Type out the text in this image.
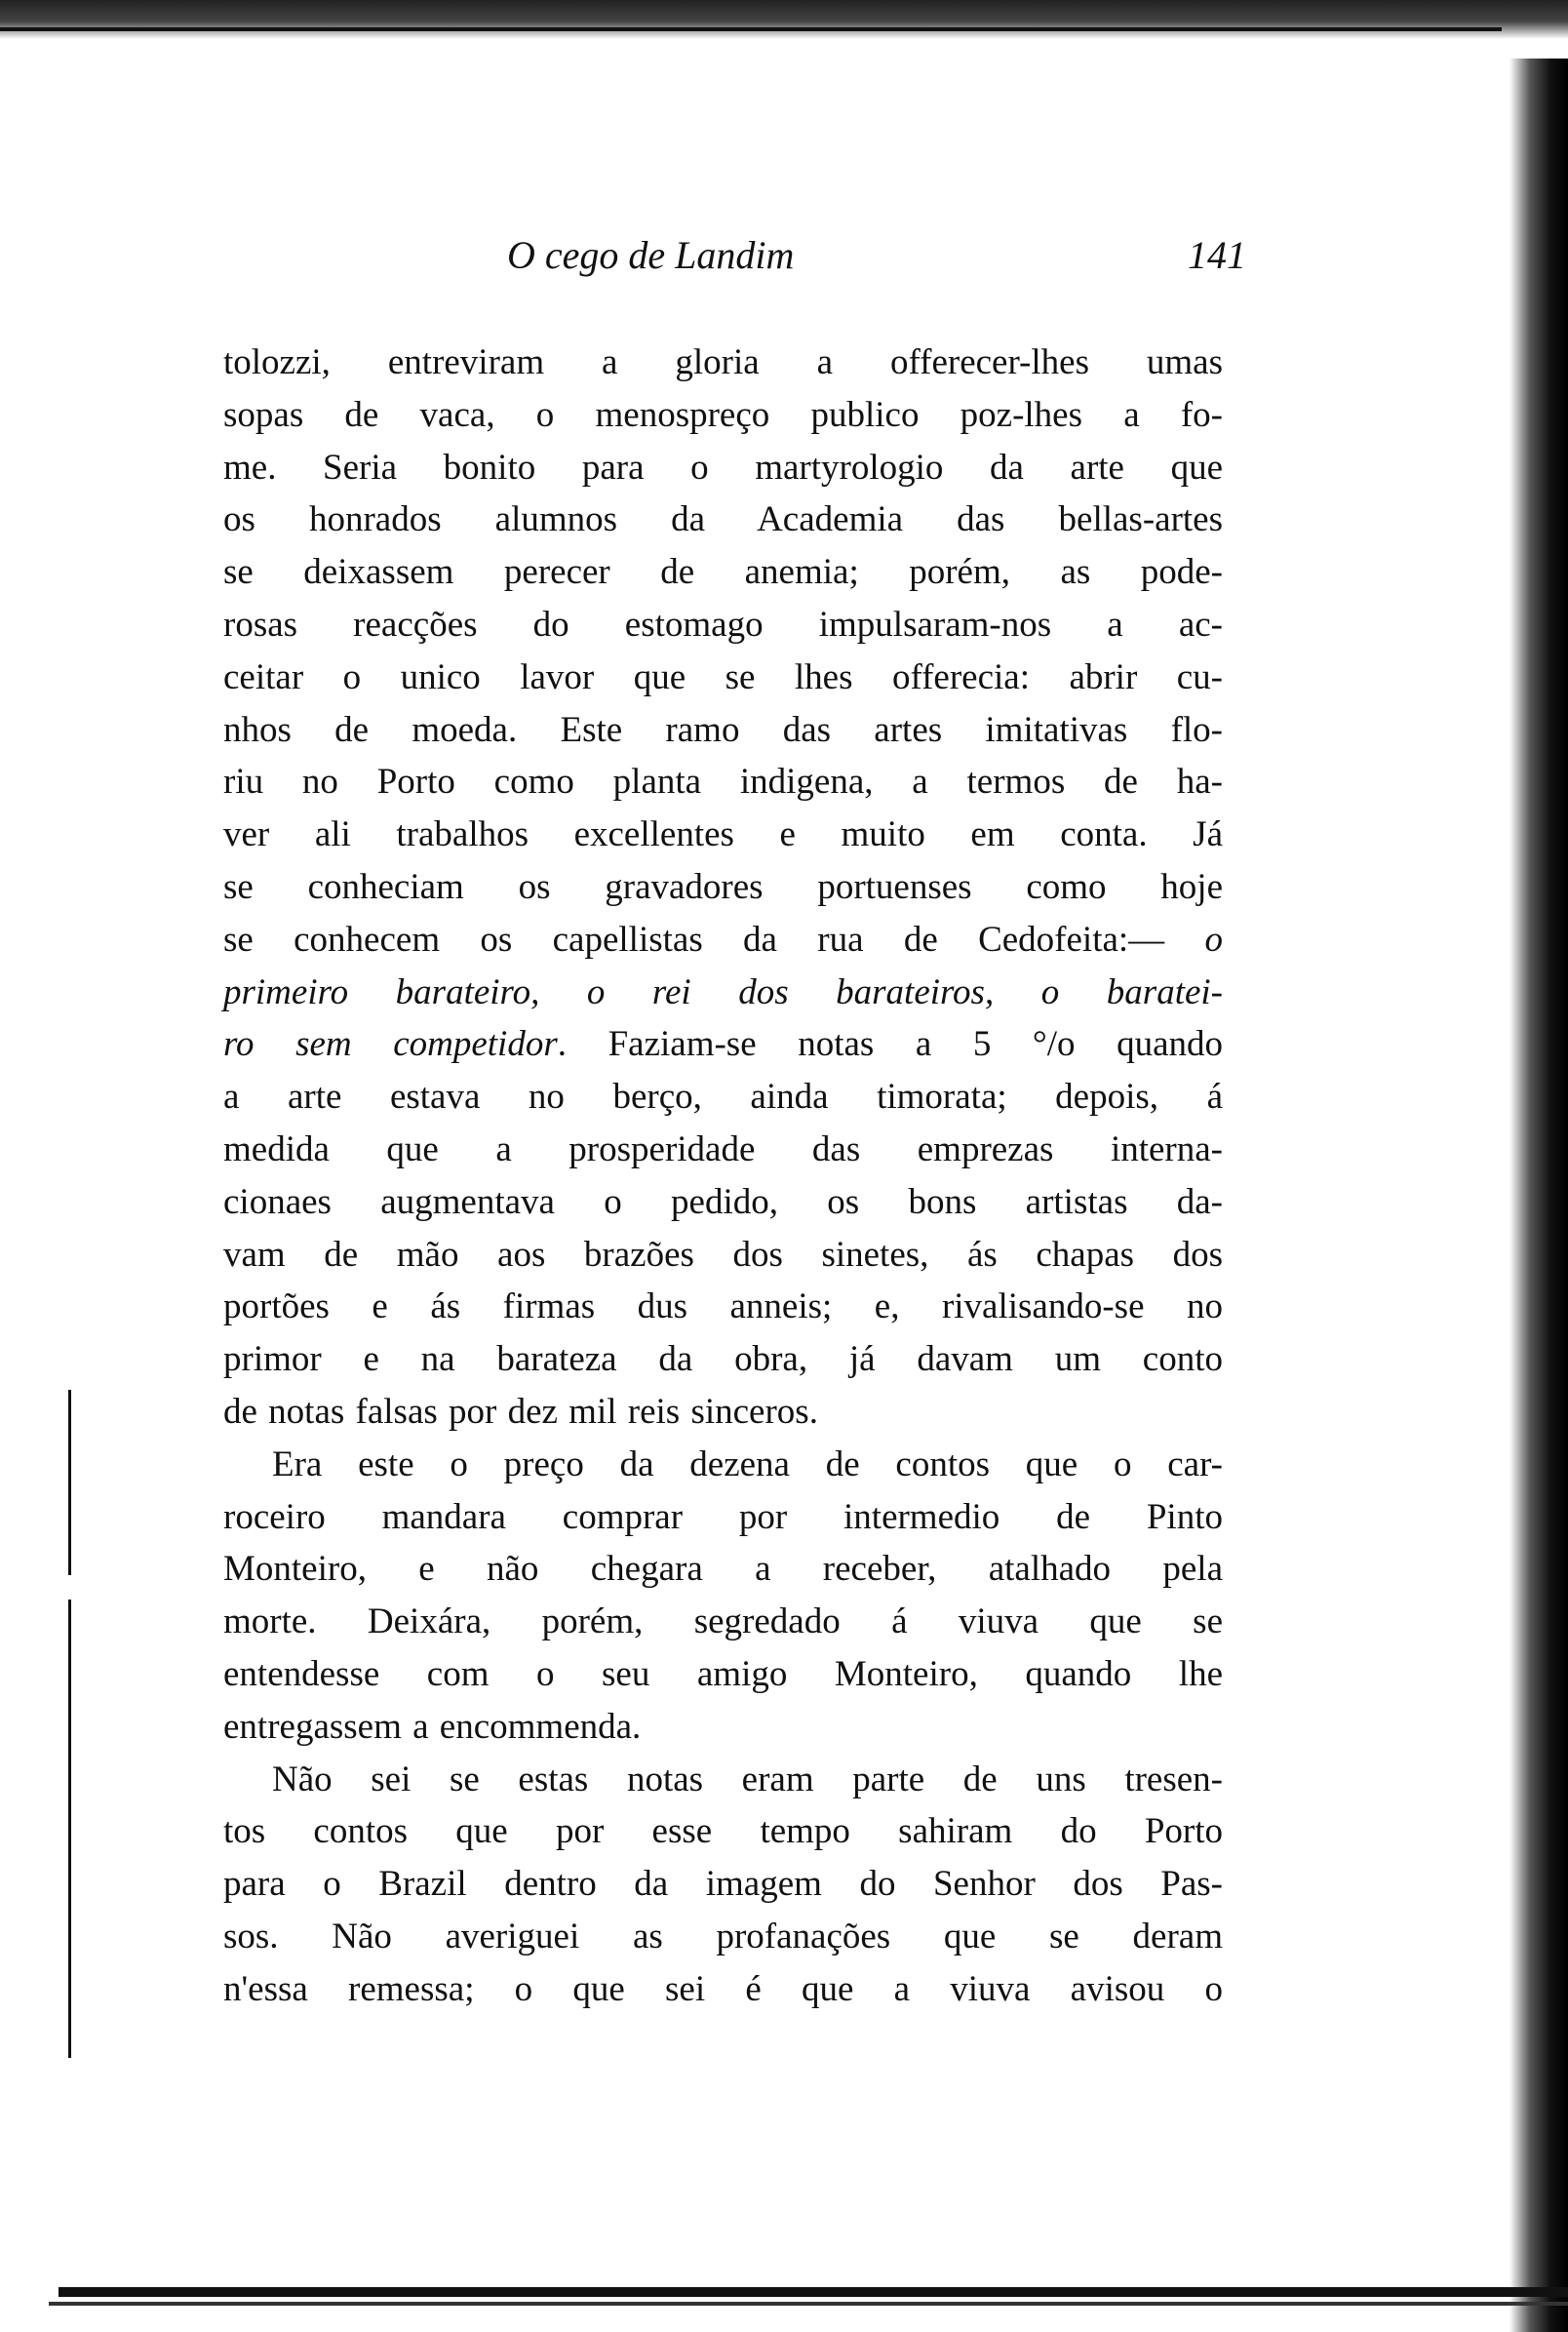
O cego de Landim	141
tolozzi, entreviram a gloria a offerecer-lhes umas
sopas de vaca, o menospreço publico poz-lhes a fo-
me. Seria bonito para o martyrologio da arte que
os honrados alumnos da Academia das bellas-artes
se deixassem perecer de anemia; porém, as pode-
rosas reacções do estomago impulsaram-nos a ac-
ceitar o unico lavor que se lhes offerecia: abrir cu-
nhos de moeda. Este ramo das artes imitativas flo-
riu no Porto como planta indigena, a termos de ha-
ver ali trabalhos excellentes e muito em conta. Já
se conheciam os gravadores portuenses como hoje
se conhecem os capellistas da rua de Cedofeita:— o
primeiro barateiro, o rei dos barateiros, o baratei-
ro sem competidor. Faziam-se notas a 5 °/o quando
a arte estava no berço, ainda timorata; depois, á
medida que a prosperidade das emprezas interna-
cionaes augmentava o pedido, os bons artistas da-
vam de mão aos brazões dos sinetes, ás chapas dos
portões e ás firmas dus anneis; e, rivalisando-se no
primor e na barateza da obra, já davam um conto
de notas falsas por dez mil reis sinceros.
Era este o preço da dezena de contos que o car-
roceiro mandara comprar por intermedio de Pinto
Monteiro, e não chegara a receber, atalhado pela
morte. Deixára, porém, segredado á viuva que se
entendesse com o seu amigo Monteiro, quando lhe
entregassem a encommenda.
Não sei se estas notas eram parte de uns tresen-
tos contos que por esse tempo sahiram do Porto
para o Brazil dentro da imagem do Senhor dos Pas-
sos. Não averiguei as profanações que se deram
n'essa remessa; o que sei é que a viuva avisou o
